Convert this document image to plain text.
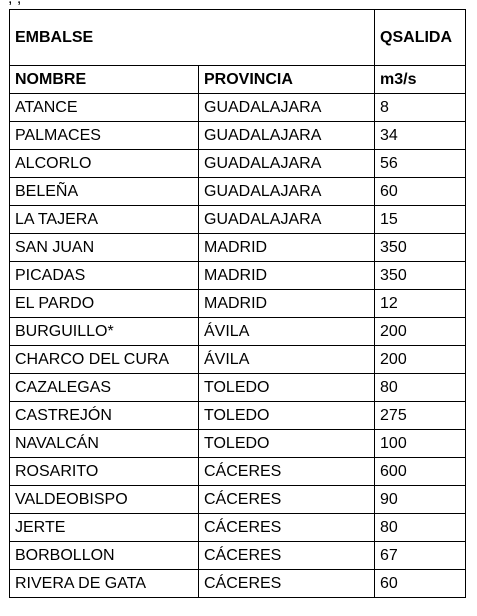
EMBALSE		QSALIDA
NOMBRE	PROVINCIA	m3/s
ATANCE	GUADALAJARA	8
PALMACES	GUADALAJARA	34
ALCORLO	GUADALAJARA	56
BELEÑA	GUADALAJARA	60
LA TAJERA	GUADALAJARA	15
SAN JUAN	MADRID	350
PICADAS	MADRID	350
EL PARDO	MADRID	12
BURGUILLO*	ÁVILA	200
CHARCO DEL CURA	ÁVILA	200
CAZALEGAS	TOLEDO	80
CASTREJÓN	TOLEDO	275
NAVALCÁN	TOLEDO	100
ROSARITO	CÁCERES	600
VALDEOBISPO	CÁCERES	90
JERTE	CÁCERES	80
BORBOLLON	CÁCERES	67
RIVERA DE GATA	CÁCERES	60
